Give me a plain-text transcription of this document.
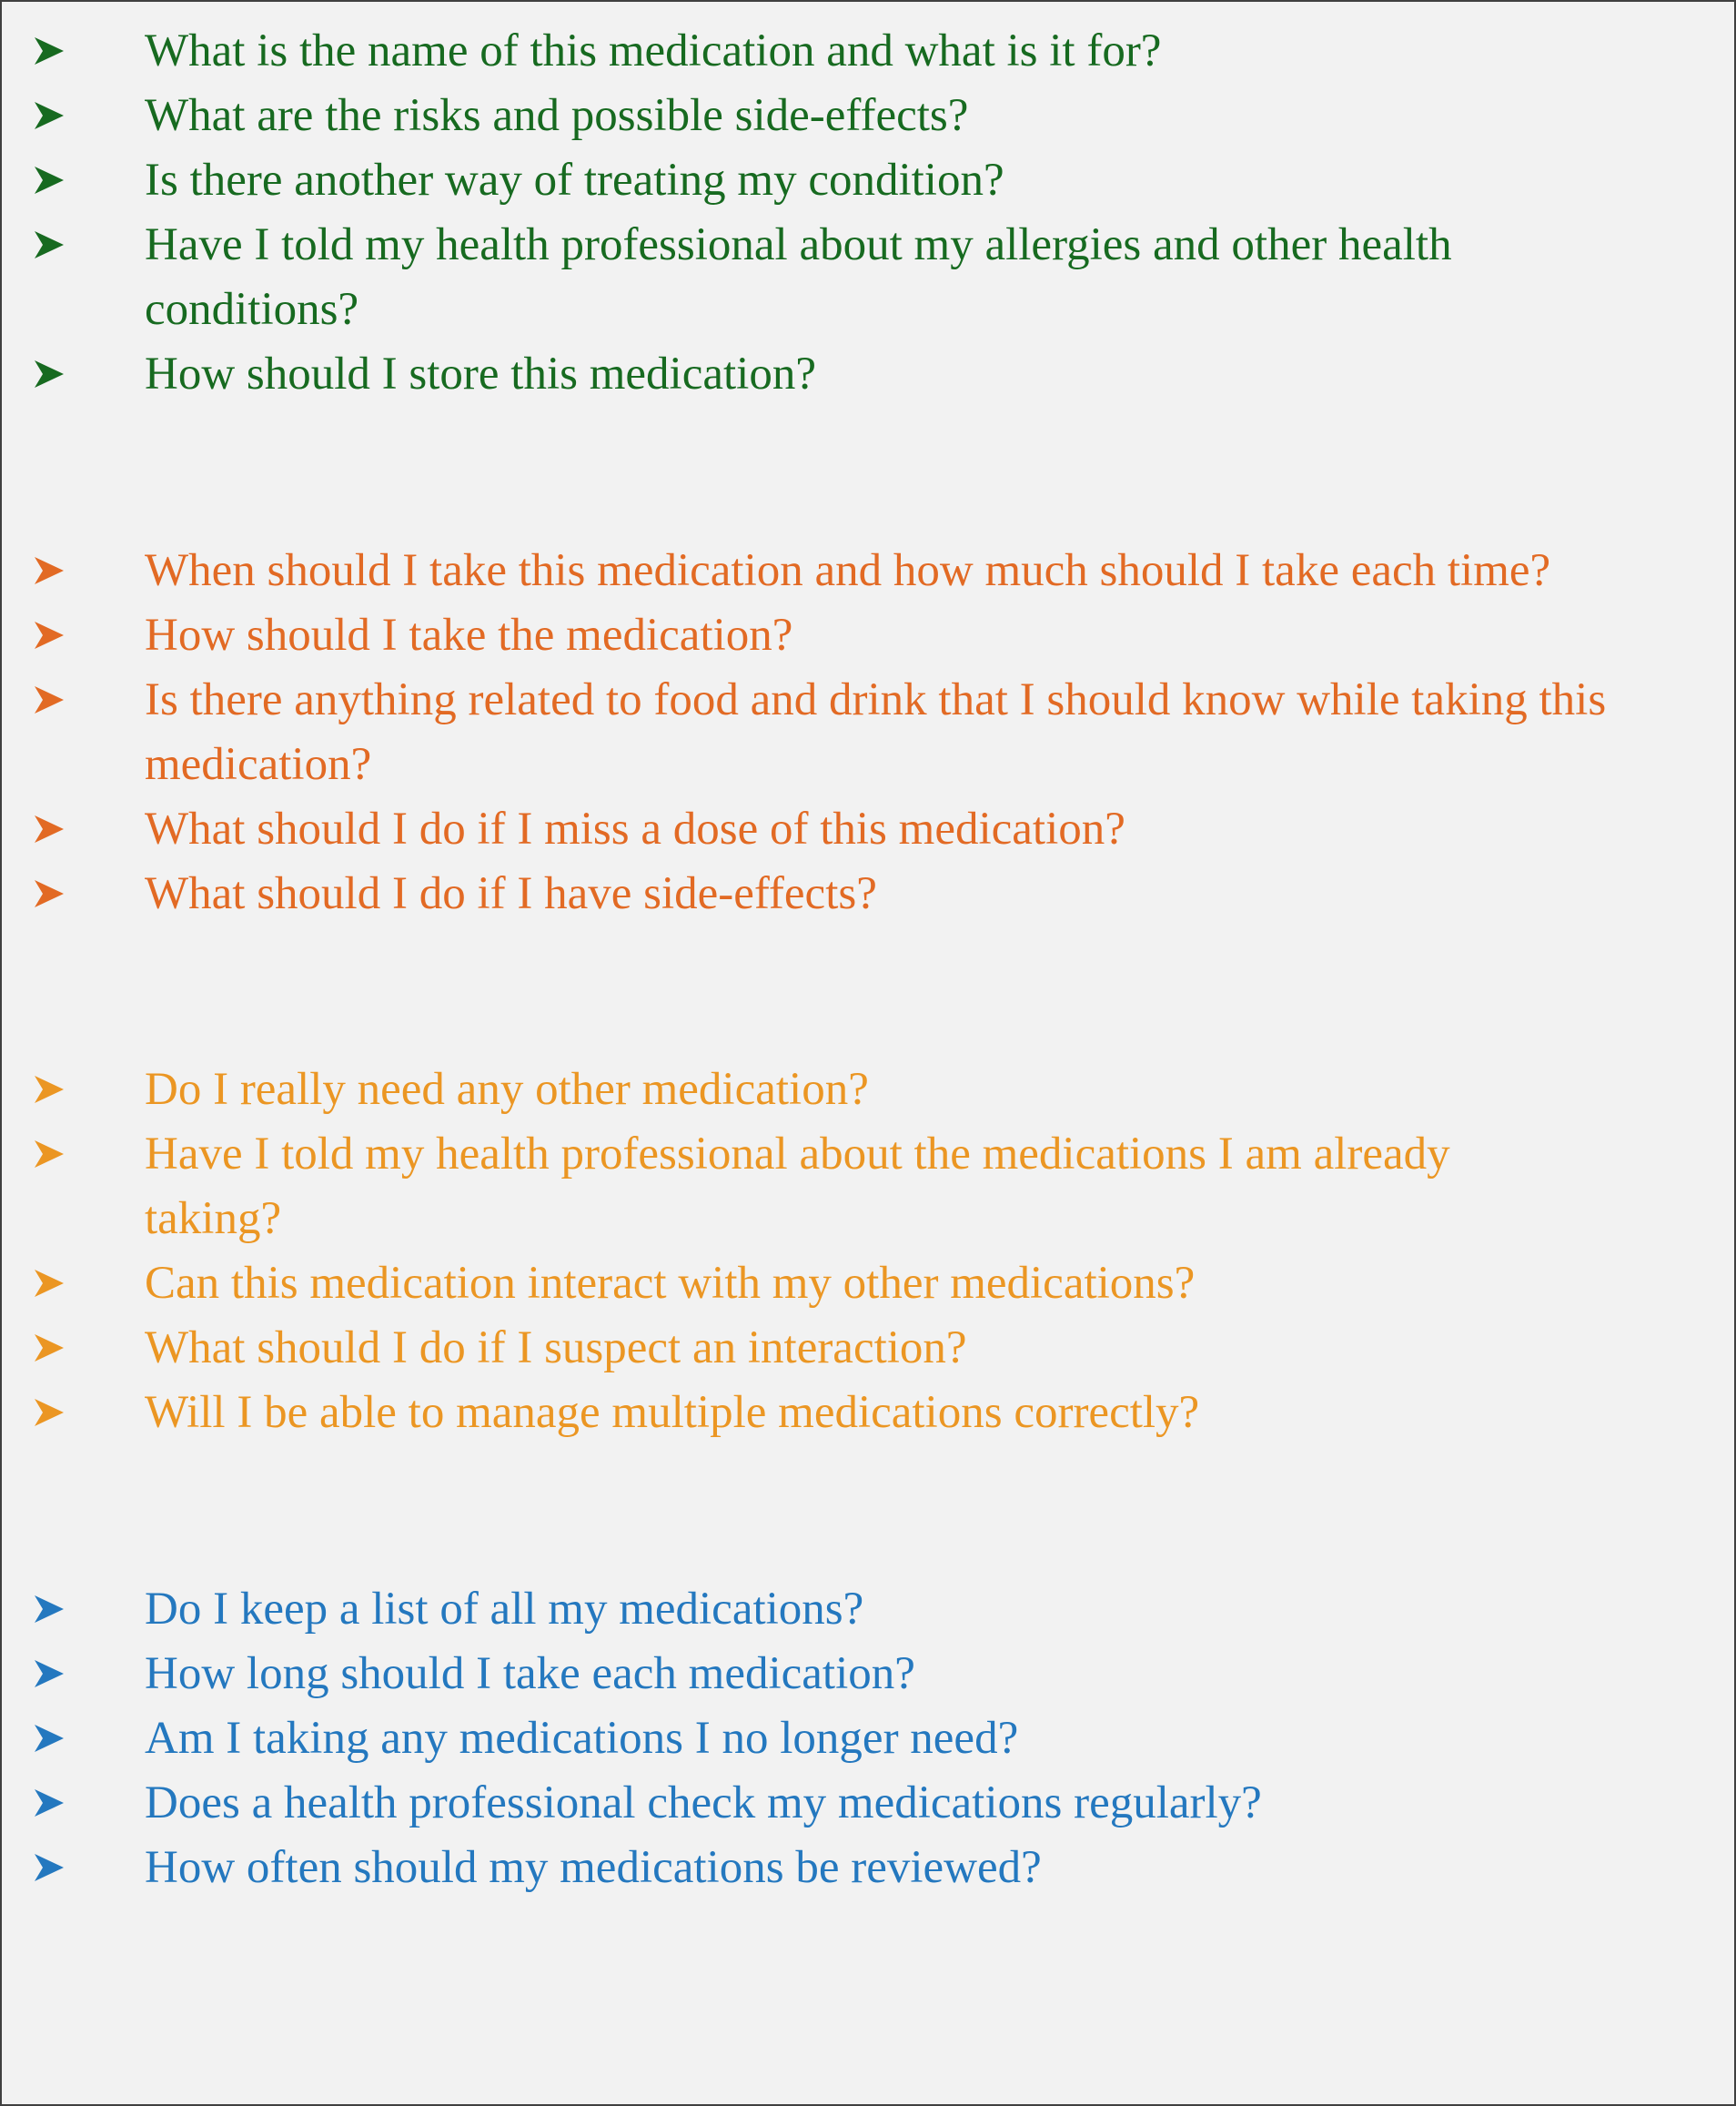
What is the name of this medication and what is it for?
What are the risks and possible side-effects?
Is there another way of treating my condition?
Have I told my health professional about my allergies and other health conditions?
How should I store this medication?
When should I take this medication and how much should I take each time?
How should I take the medication?
Is there anything related to food and drink that I should know while taking this medication?
What should I do if I miss a dose of this medication?
What should I do if I have side-effects?
Do I really need any other medication?
Have I told my health professional about the medications I am already taking?
Can this medication interact with my other medications?
What should I do if I suspect an interaction?
Will I be able to manage multiple medications correctly?
Do I keep a list of all my medications?
How long should I take each medication?
Am I taking any medications I no longer need?
Does a health professional check my medications regularly?
How often should my medications be reviewed?
